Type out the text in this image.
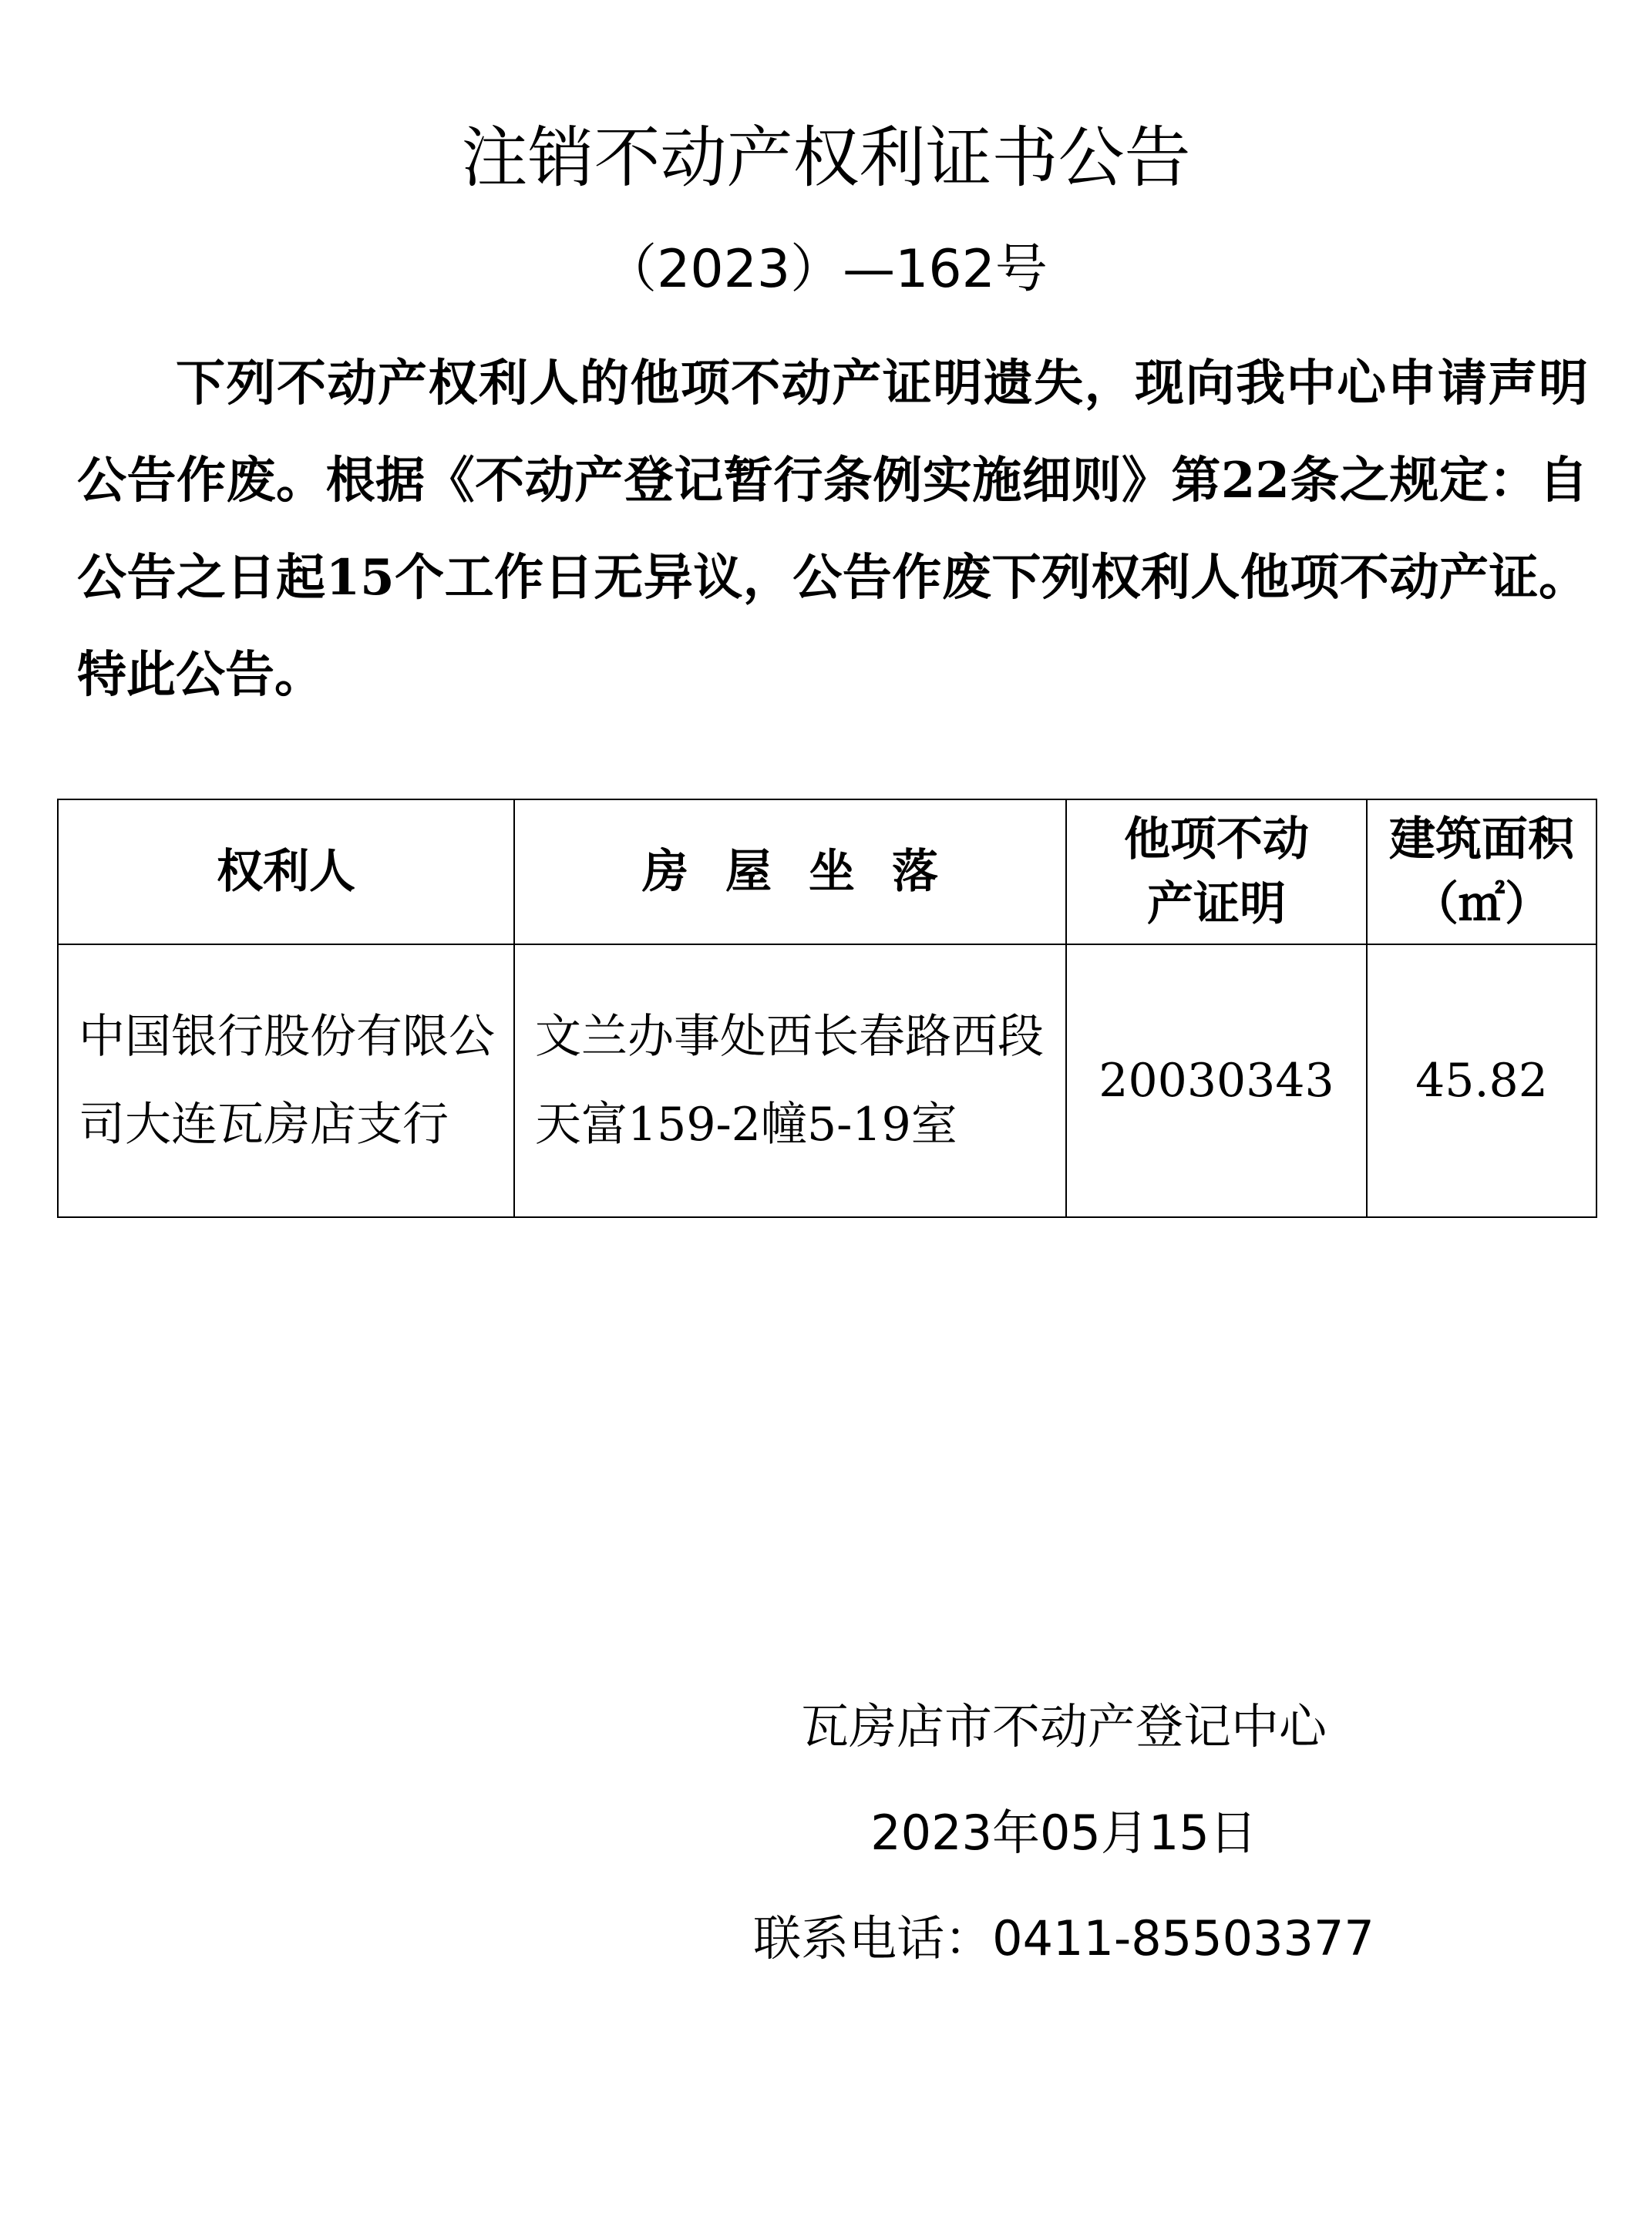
注销不动产权利证书公告
（2023）—162号

下列不动产权利人的他项不动产证明遗失，现向我中心申请声明公告作废。根据《不动产登记暂行条例实施细则》第22条之规定：自公告之日起15个工作日无异议，公告作废下列权利人他项不动产证。特此公告。

权利人	房屋坐落	他项不动产证明	建筑面积（㎡）
中国银行股份有限公司大连瓦房店支行	文兰办事处西长春路西段天富159-2幢5-19室	20030343	45.82
瓦房店市不动产登记中心
2023年05月15日
联系电话：0411-85503377
